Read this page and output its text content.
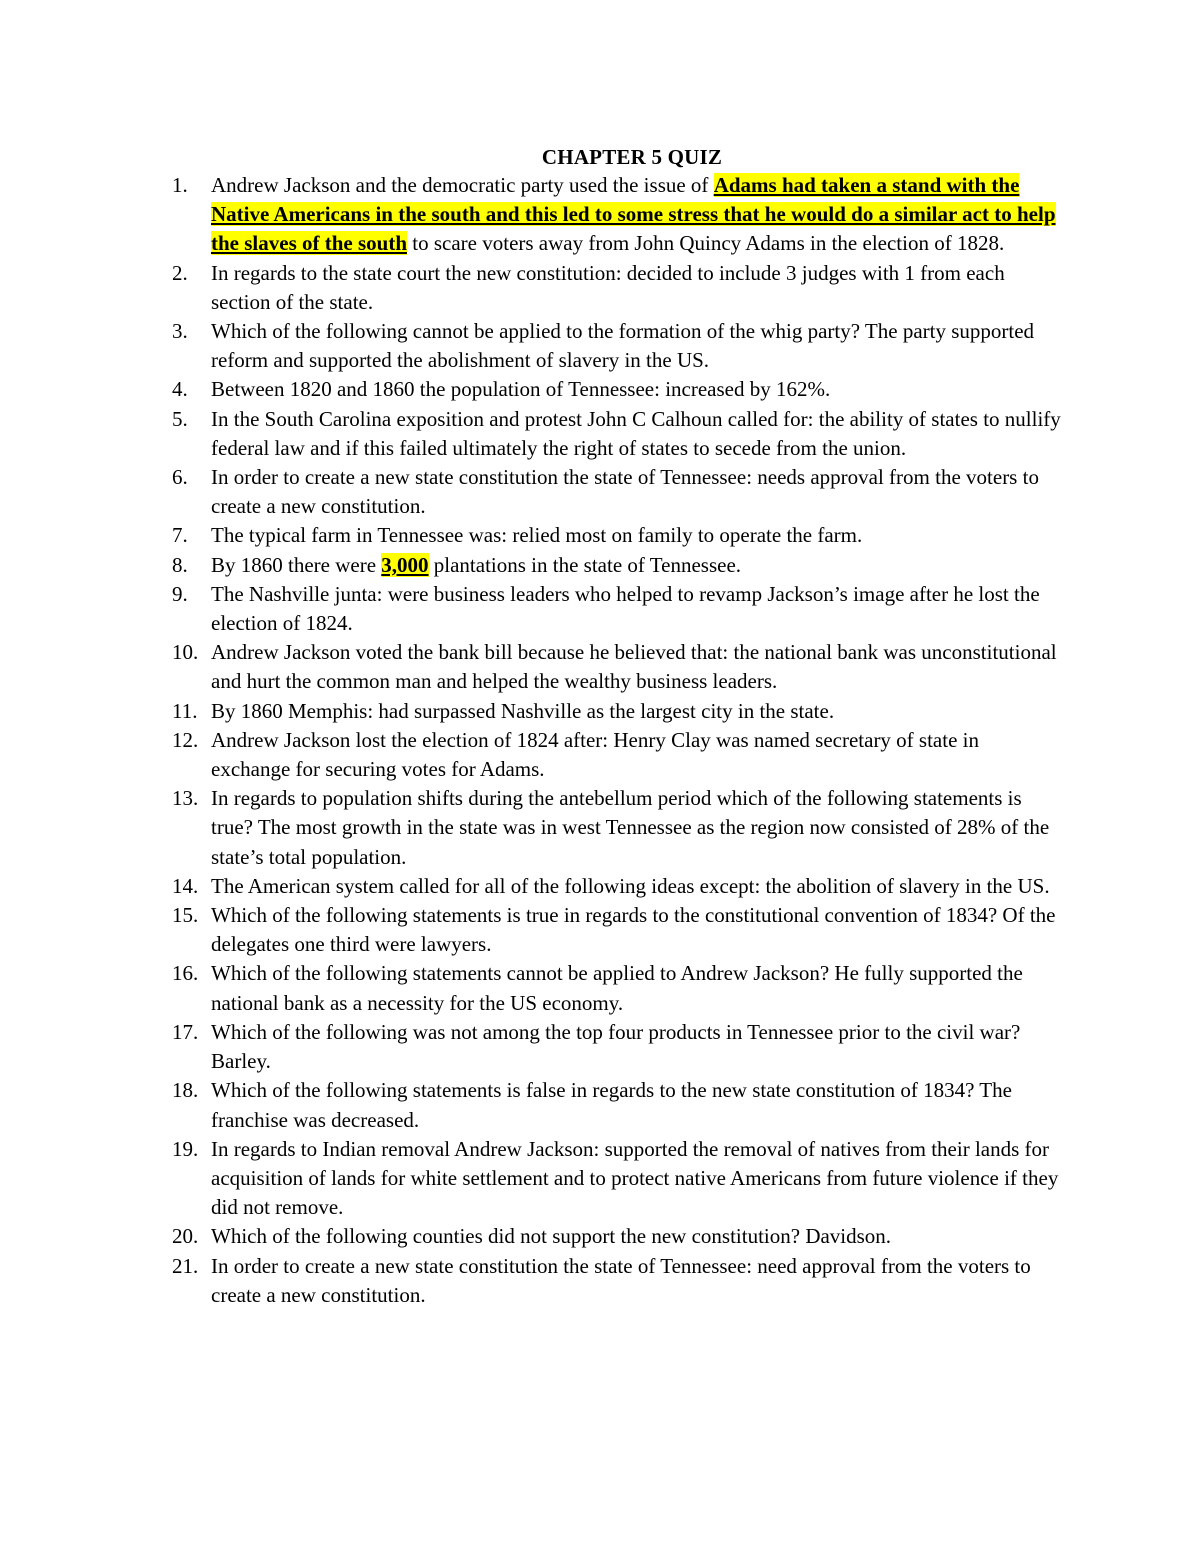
CHAPTER 5 QUIZ
1. Andrew Jackson and the democratic party used the issue of Adams had taken a stand with the Native Americans in the south and this led to some stress that he would do a similar act to help the slaves of the south to scare voters away from John Quincy Adams in the election of 1828.
2. In regards to the state court the new constitution: decided to include 3 judges with 1 from each section of the state.
3. Which of the following cannot be applied to the formation of the whig party? The party supported reform and supported the abolishment of slavery in the US.
4. Between 1820 and 1860 the population of Tennessee: increased by 162%.
5. In the South Carolina exposition and protest John C Calhoun called for: the ability of states to nullify federal law and if this failed ultimately the right of states to secede from the union.
6. In order to create a new state constitution the state of Tennessee: needs approval from the voters to create a new constitution.
7. The typical farm in Tennessee was: relied most on family to operate the farm.
8. By 1860 there were 3,000 plantations in the state of Tennessee.
9. The Nashville junta: were business leaders who helped to revamp Jackson’s image after he lost the election of 1824.
10. Andrew Jackson voted the bank bill because he believed that: the national bank was unconstitutional and hurt the common man and helped the wealthy business leaders.
11. By 1860 Memphis: had surpassed Nashville as the largest city in the state.
12. Andrew Jackson lost the election of 1824 after: Henry Clay was named secretary of state in exchange for securing votes for Adams.
13. In regards to population shifts during the antebellum period which of the following statements is true? The most growth in the state was in west Tennessee as the region now consisted of 28% of the state’s total population.
14. The American system called for all of the following ideas except: the abolition of slavery in the US.
15. Which of the following statements is true in regards to the constitutional convention of 1834? Of the delegates one third were lawyers.
16. Which of the following statements cannot be applied to Andrew Jackson? He fully supported the national bank as a necessity for the US economy.
17. Which of the following was not among the top four products in Tennessee prior to the civil war? Barley.
18. Which of the following statements is false in regards to the new state constitution of 1834? The franchise was decreased.
19. In regards to Indian removal Andrew Jackson: supported the removal of natives from their lands for acquisition of lands for white settlement and to protect native Americans from future violence if they did not remove.
20. Which of the following counties did not support the new constitution? Davidson.
21. In order to create a new state constitution the state of Tennessee: need approval from the voters to create a new constitution.
